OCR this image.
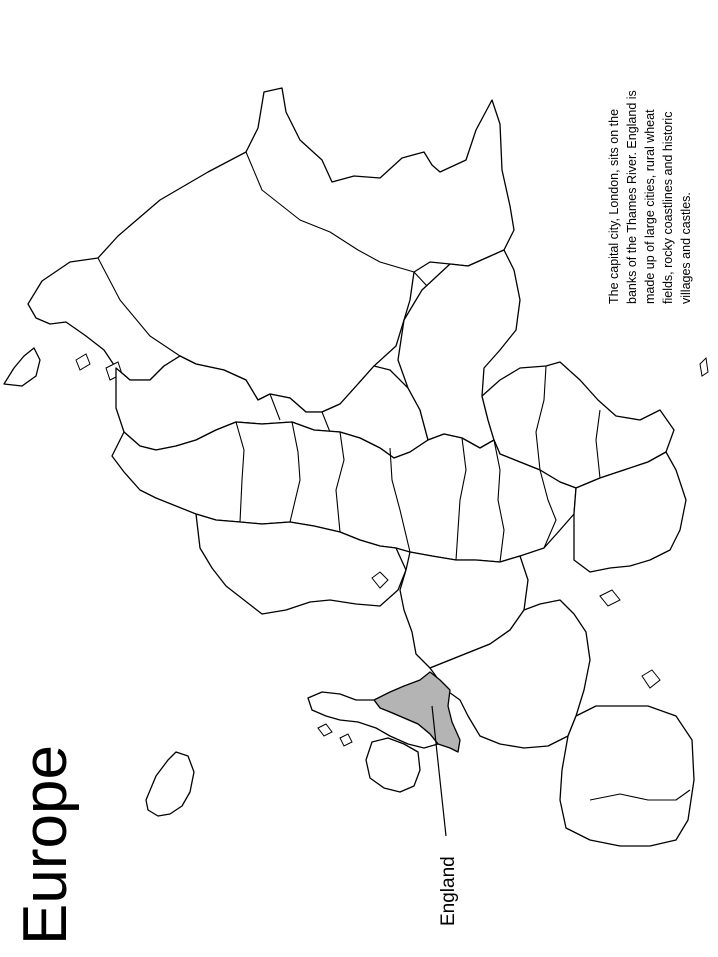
Europe	England
The capital city, London, sits on the banks of the Thames River. England is made up of large cities, rural wheat fields, rocky coastlines and historic villages and castles.
